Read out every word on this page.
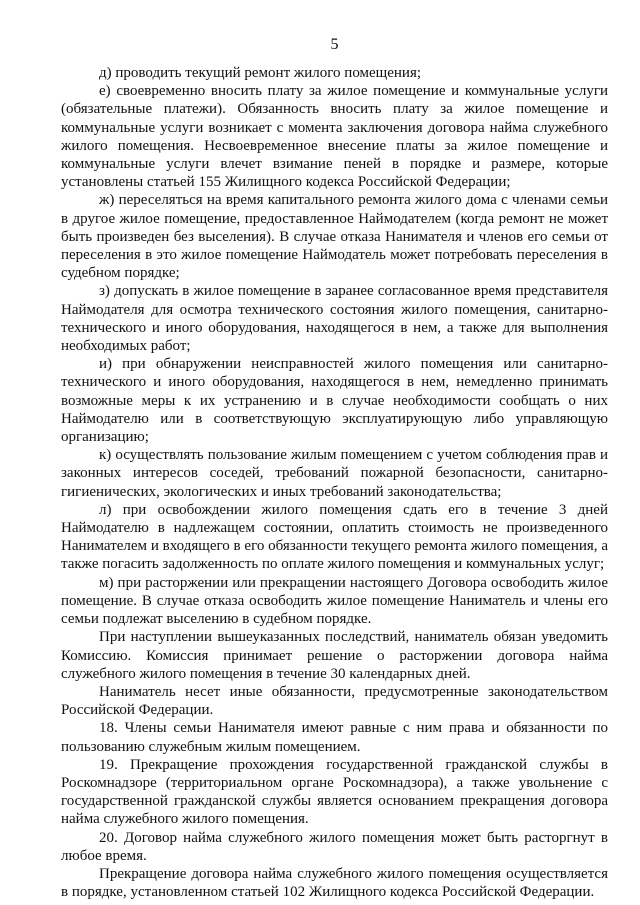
5

д) проводить текущий ремонт жилого помещения;

е) своевременно вносить плату за жилое помещение и коммунальные услуги (обязательные платежи). Обязанность вносить плату за жилое помещение и коммунальные услуги возникает с момента заключения договора найма служебного жилого помещения. Несвоевременное внесение платы за жилое помещение и коммунальные услуги влечет взимание пеней в порядке и размере, которые установлены статьей 155 Жилищного кодекса Российской Федерации;

ж) переселяться на время капитального ремонта жилого дома с членами семьи в другое жилое помещение, предоставленное Наймодателем (когда ремонт не может быть произведен без выселения). В случае отказа Нанимателя и членов его семьи от переселения в это жилое помещение Наймодатель может потребовать переселения в судебном порядке;

з) допускать в жилое помещение в заранее согласованное время представителя Наймодателя для осмотра технического состояния жилого помещения, санитарно-технического и иного оборудования, находящегося в нем, а также для выполнения необходимых работ;

и) при обнаружении неисправностей жилого помещения или санитарно-технического и иного оборудования, находящегося в нем, немедленно принимать возможные меры к их устранению и в случае необходимости сообщать о них Наймодателю или в соответствующую эксплуатирующую либо управляющую организацию;

к) осуществлять пользование жилым помещением с учетом соблюдения прав и законных интересов соседей, требований пожарной безопасности, санитарно-гигиенических, экологических и иных требований законодательства;

л) при освобождении жилого помещения сдать его в течение 3 дней Наймодателю в надлежащем состоянии, оплатить стоимость не произведенного Нанимателем и входящего в его обязанности текущего ремонта жилого помещения, а также погасить задолженность по оплате жилого помещения и коммунальных услуг;

м) при расторжении или прекращении настоящего Договора освободить жилое помещение. В случае отказа освободить жилое помещение Наниматель и члены его семьи подлежат выселению в судебном порядке.

При наступлении вышеуказанных последствий, наниматель обязан уведомить Комиссию. Комиссия принимает решение о расторжении договора найма служебного жилого помещения в течение 30 календарных дней.

Наниматель несет иные обязанности, предусмотренные законодательством Российской Федерации.

18. Члены семьи Нанимателя имеют равные с ним права и обязанности по пользованию служебным жилым помещением.

19. Прекращение прохождения государственной гражданской службы в Роскомнадзоре (территориальном органе Роскомнадзора), а также увольнение с государственной гражданской службы является основанием прекращения договора найма служебного жилого помещения.

20. Договор найма служебного жилого помещения может быть расторгнут в любое время.

Прекращение договора найма служебного жилого помещения осуществляется в порядке, установленном статьей 102 Жилищного кодекса Российской Федерации.
